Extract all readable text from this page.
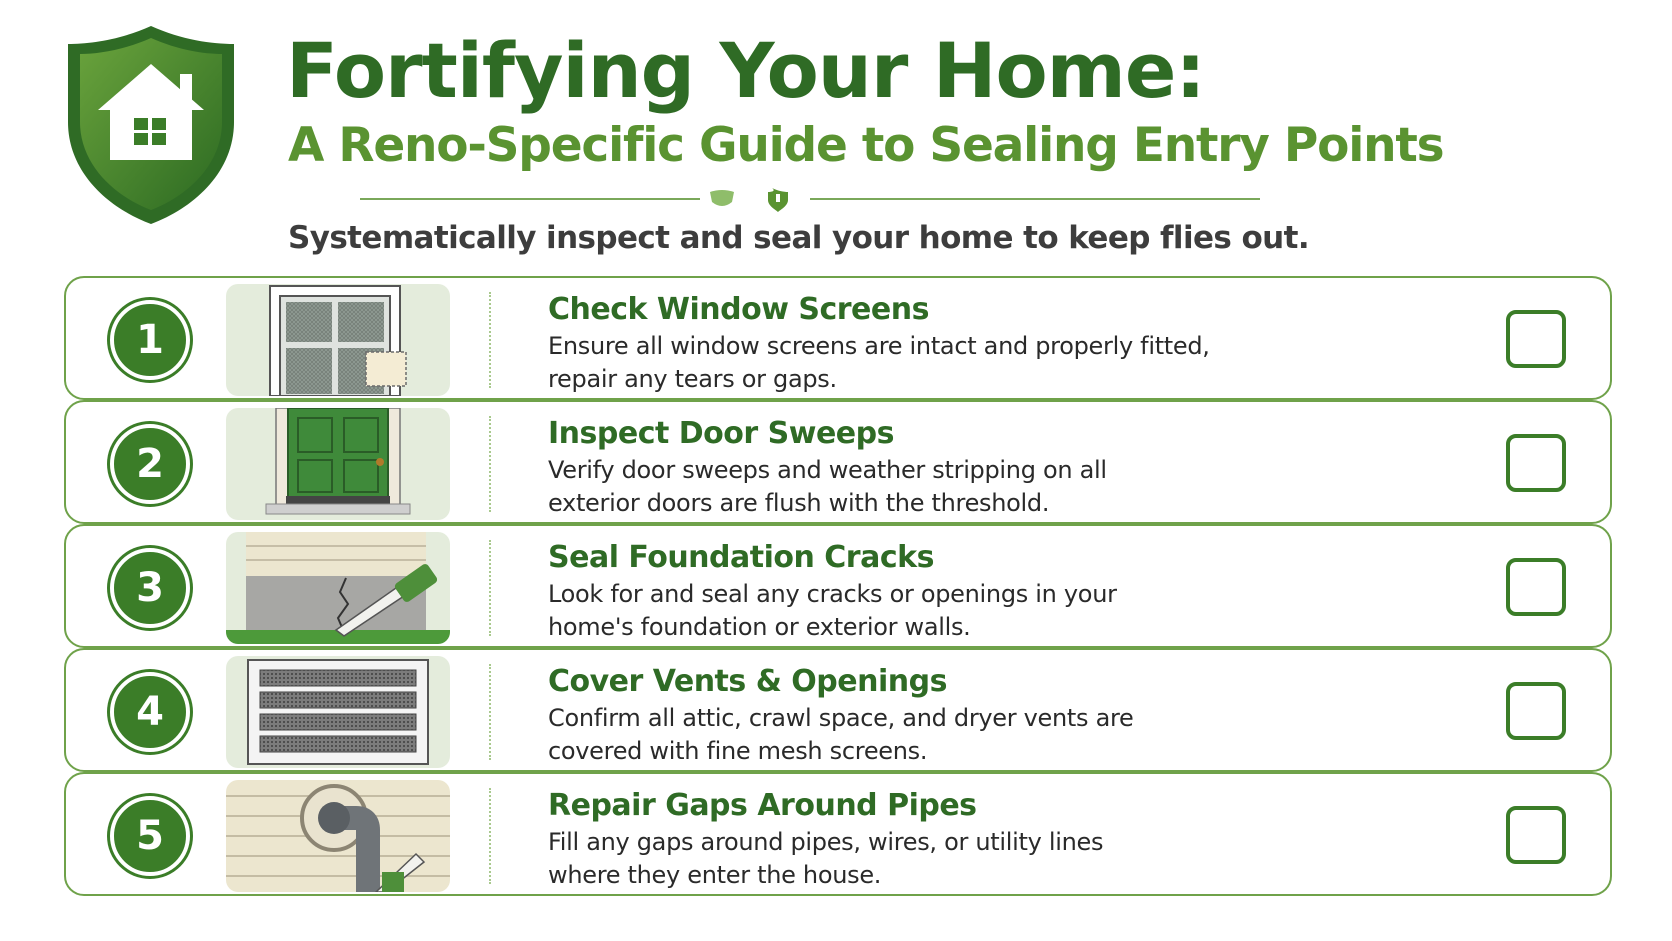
Fortifying Your Home:
A Reno-Specific Guide to Sealing Entry Points
Systematically inspect and seal your home to keep flies out.
1
Check Window Screens
Ensure all window screens are intact and properly fitted,
repair any tears or gaps.
2
Inspect Door Sweeps
Verify door sweeps and weather stripping on all
exterior doors are flush with the threshold.
3
Seal Foundation Cracks
Look for and seal any cracks or openings in your
home's foundation or exterior walls.
4
Cover Vents & Openings
Confirm all attic, crawl space, and dryer vents are
covered with fine mesh screens.
5
Repair Gaps Around Pipes
Fill any gaps around pipes, wires, or utility lines
where they enter the house.
